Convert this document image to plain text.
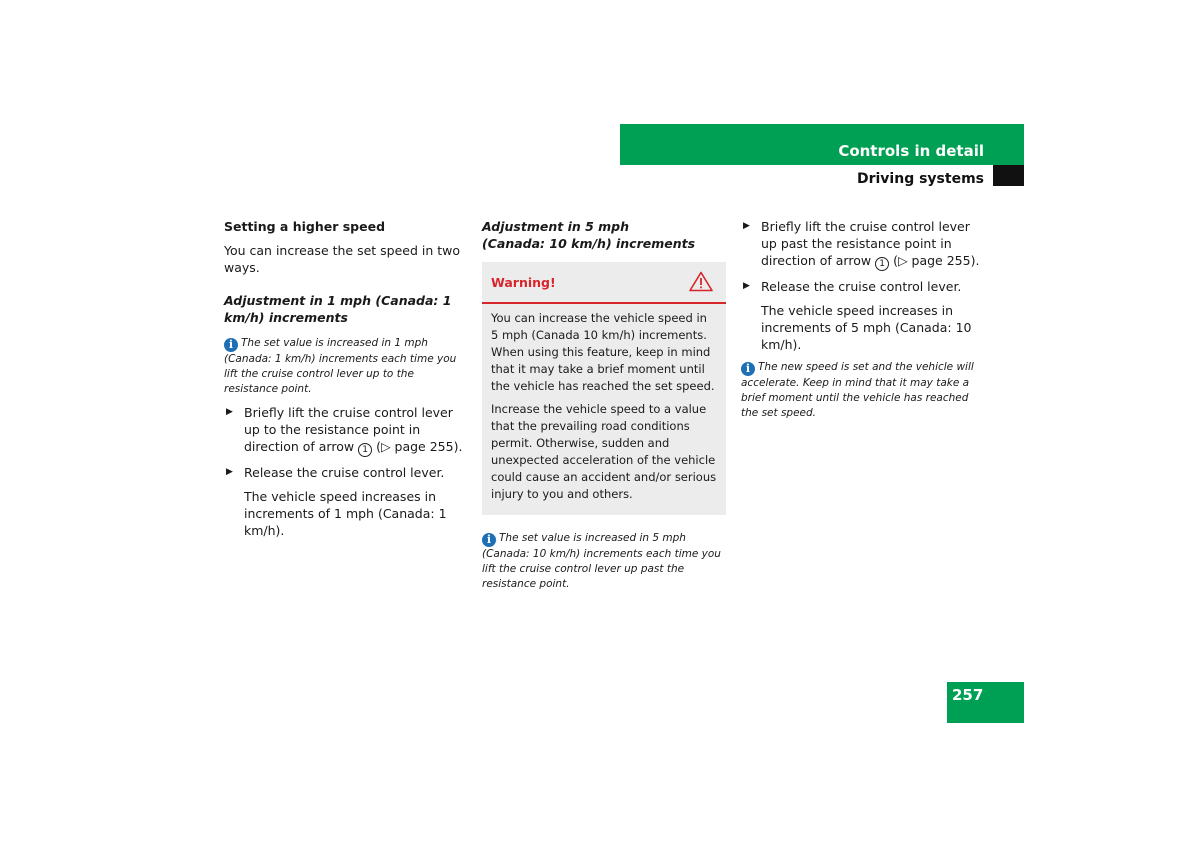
Controls in detail
Driving systems
Setting a higher speed

You can increase the set speed in two ways.

Adjustment in 1 mph (Canada: 1 km/h) increments
i The set value is increased in 1 mph (Canada: 1 km/h) increments each time you lift the cruise control lever up to the resistance point.
▶ Briefly lift the cruise control lever up to the resistance point in direction of arrow 1 (▷ page 255).
▶ Release the cruise control lever.

The vehicle speed increases in increments of 1 mph (Canada: 1 km/h).

Adjustment in 5 mph
(Canada: 10 km/h) increments
Warning!

You can increase the vehicle speed in 5 mph (Canada 10 km/h) increments. When using this feature, keep in mind that it may take a brief moment until the vehicle has reached the set speed.

Increase the vehicle speed to a value that the prevailing road conditions permit. Otherwise, sudden and unexpected acceleration of the vehicle could cause an accident and/or serious injury to you and others.

i The set value is increased in 5 mph (Canada: 10 km/h) increments each time you lift the cruise control lever up past the resistance point.
▶ Briefly lift the cruise control lever up past the resistance point in direction of arrow 1 (▷ page 255).
▶ Release the cruise control lever.

The vehicle speed increases in increments of 5 mph (Canada: 10 km/h).

i The new speed is set and the vehicle will accelerate. Keep in mind that it may take a brief moment until the vehicle has reached the set speed.
257
